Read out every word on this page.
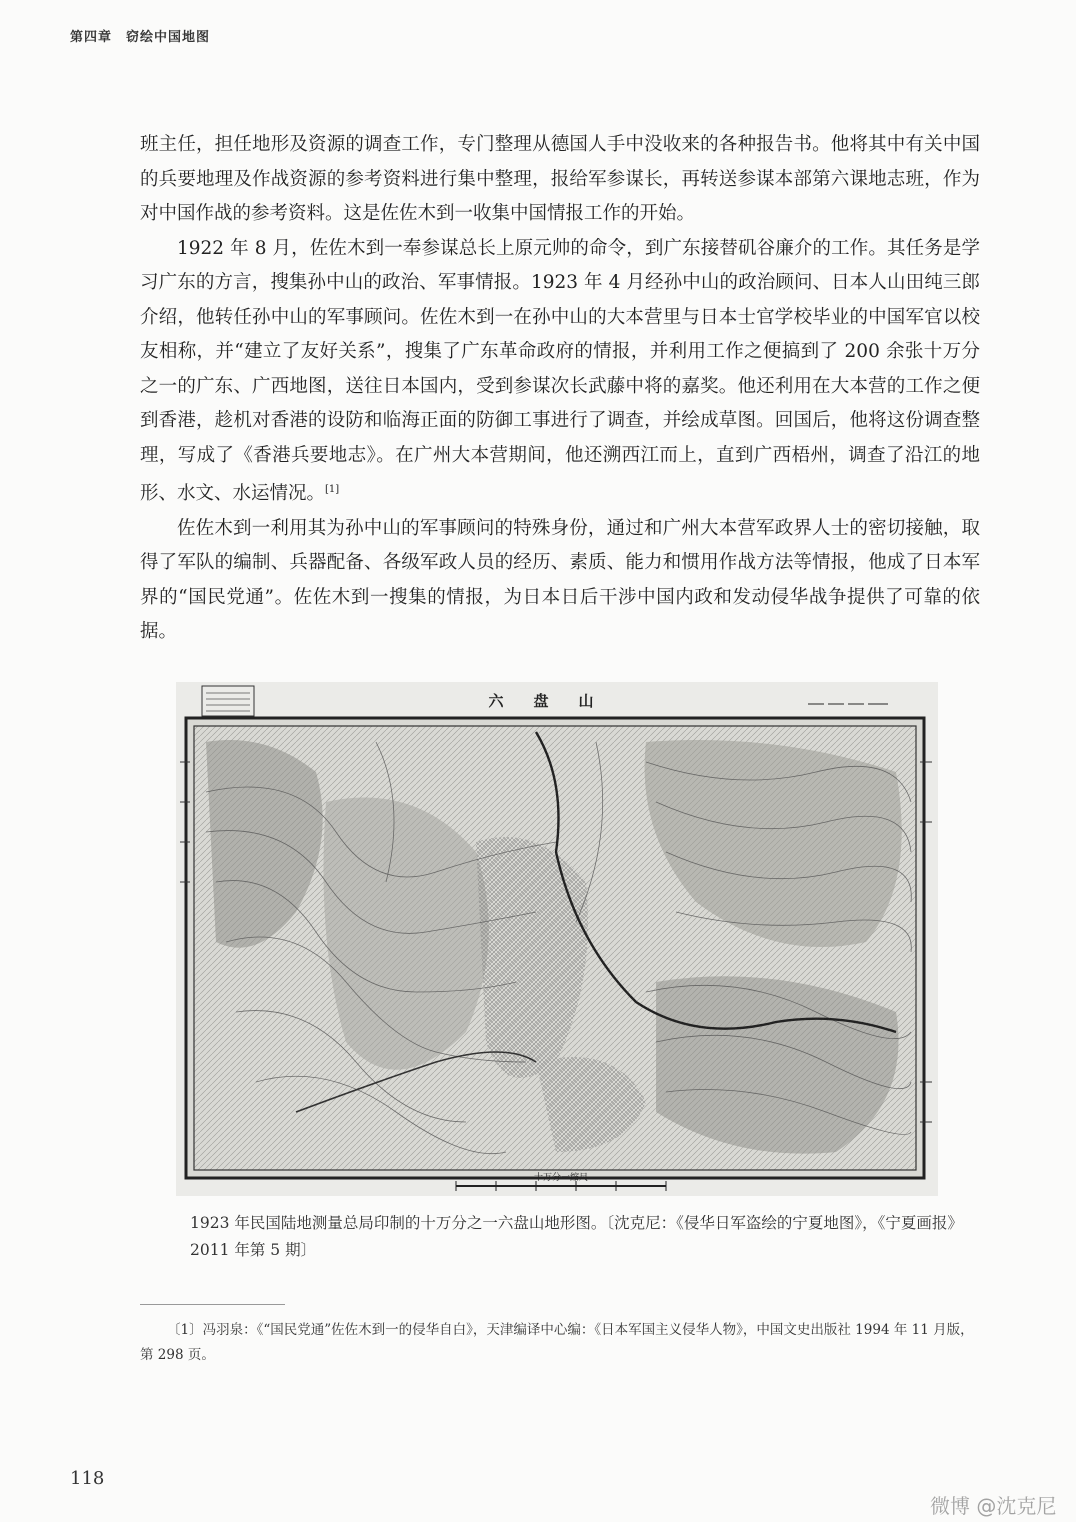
第四章 窃绘中国地图

班主任，担任地形及资源的调查工作，专门整理从德国人手中没收来的各种报告书。他将其中有关中国的兵要地理及作战资源的参考资料进行集中整理，报给军参谋长，再转送参谋本部第六课地志班，作为对中国作战的参考资料。这是佐佐木到一收集中国情报工作的开始。

1922 年 8 月，佐佐木到一奉参谋总长上原元帅的命令，到广东接替矶谷廉介的工作。其任务是学习广东的方言，搜集孙中山的政治、军事情报。1923 年 4 月经孙中山的政治顾问、日本人山田纯三郎介绍，他转任孙中山的军事顾问。佐佐木到一在孙中山的大本营里与日本士官学校毕业的中国军官以校友相称，并“建立了友好关系”，搜集了广东革命政府的情报，并利用工作之便搞到了 200 余张十万分之一的广东、广西地图，送往日本国内，受到参谋次长武藤中将的嘉奖。他还利用在大本营的工作之便到香港，趁机对香港的设防和临海正面的防御工事进行了调查，并绘成草图。回国后，他将这份调查整理，写成了《香港兵要地志》。在广州大本营期间，他还溯西江而上，直到广西梧州，调查了沿江的地形、水文、水运情况。[1]

佐佐木到一利用其为孙中山的军事顾问的特殊身份，通过和广州大本营军政界人士的密切接触，取得了军队的编制、兵器配备、各级军政人员的经历、素质、能力和惯用作战方法等情报，他成了日本军界的“国民党通”。佐佐木到一搜集的情报，为日本日后干涉中国内政和发动侵华战争提供了可靠的依据。

六盘山
十万分一縮尺
1923 年民国陆地测量总局印制的十万分之一六盘山地形图。〔沈克尼：《侵华日军盗绘的宁夏地图》，《宁夏画报》2011 年第 5 期〕
〔1〕冯羽泉：《“国民党通”佐佐木到一的侵华自白》，天津编译中心编：《日本军国主义侵华人物》，中国文史出版社 1994 年 11 月版，第 298 页。
118
微博 @沈克尼
